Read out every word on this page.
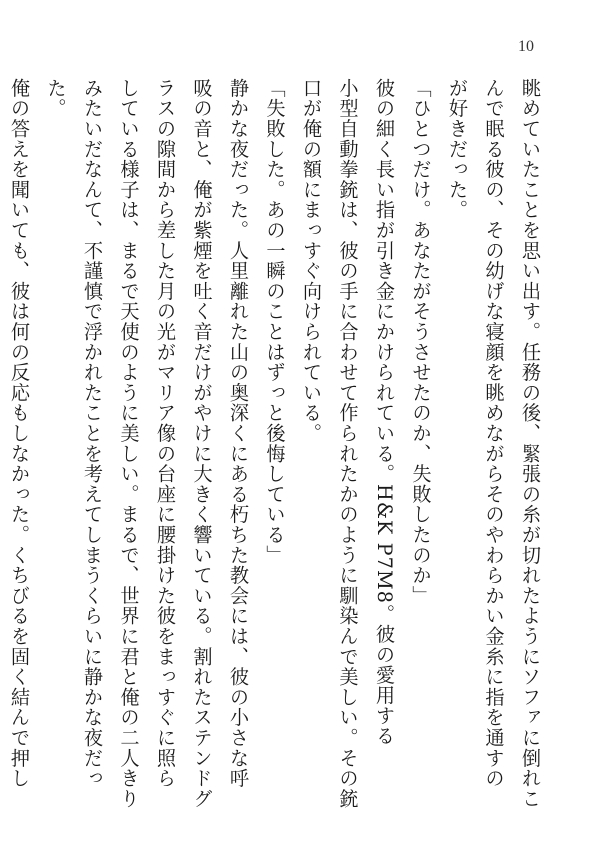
10
眺めていたことを思い出す。任務の後、緊張の糸が切れたようにソファに倒れこ
んで眠る彼の、その幼げな寝顔を眺めながらそのやわらかい金糸に指を通すの
が好きだった。
「ひとつだけ。あなたがそうさせたのか、失敗したのか」
彼の細く長い指が引き金にかけられている。H&K P7M8。彼の愛用する
小型自動拳銃は、彼の手に合わせて作られたかのように馴染んで美しい。その銃
口が俺の額にまっすぐ向けられている。
「失敗した。あの一瞬のことはずっと後悔している」
静かな夜だった。人里離れた山の奥深くにある朽ちた教会には、彼の小さな呼
吸の音と、俺が紫煙を吐く音だけがやけに大きく響いている。割れたステンドグ
ラスの隙間から差した月の光がマリア像の台座に腰掛けた彼をまっすぐに照ら
している様子は、まるで天使のように美しい。まるで、世界に君と俺の二人きり
みたいだなんて、不謹慎で浮かれたことを考えてしまうくらいに静かな夜だっ
た。
俺の答えを聞いても、彼は何の反応もしなかった。くちびるを固く結んで押し
